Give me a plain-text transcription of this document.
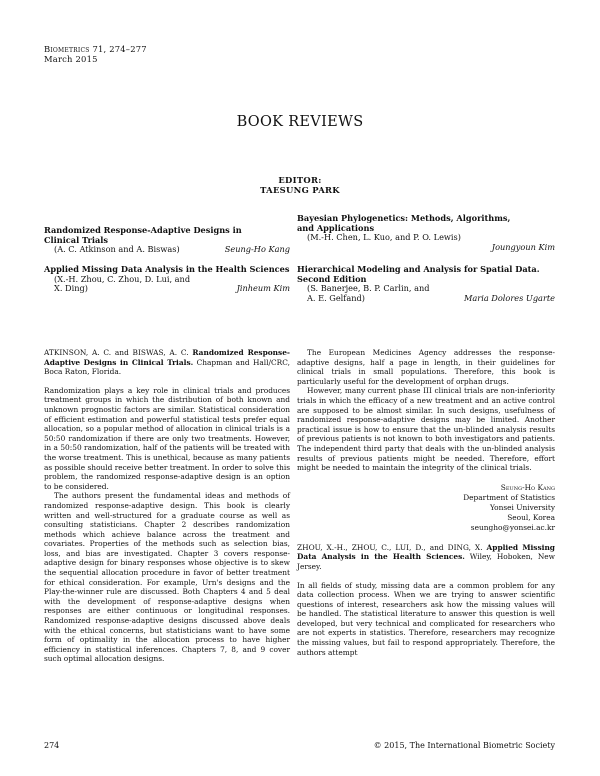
Biometrics 71, 274–277
March 2015
BOOK REVIEWS
EDITOR:
TAESUNG PARK
Randomized Response-Adaptive Designs in
Clinical Trials
(A. C. Atkinson and A. Biswas)	Seung-Ho Kang
Applied Missing Data Analysis in the Health Sciences
(X.-H. Zhou, C. Zhou, D. Lui, and
X. Ding)	Jinheum Kim
Bayesian Phylogenetics: Methods, Algorithms,
and Applications
(M.-H. Chen, L. Kuo, and P. O. Lewis)
Joungyoun Kim
Hierarchical Modeling and Analysis for Spatial Data.
Second Edition
(S. Banerjee, B. P. Carlin, and
A. E. Gelfand)	Maria Dolores Ugarte

ATKINSON, A. C. and BISWAS, A. C. Randomized Response-Adaptive Designs in Clinical Trials. Chapman and Hall/CRC, Boca Raton, Florida.

Randomization plays a key role in clinical trials and produces treatment groups in which the distribution of both known and unknown prognostic factors are similar. Statistical consideration of efficient estimation and powerful statistical tests prefer equal allocation, so a popular method of allocation in clinical trials is a 50:50 randomization if there are only two treatments. However, in a 50:50 randomization, half of the patients will be treated with the worse treatment. This is unethical, because as many patients as possible should receive better treatment. In order to solve this problem, the randomized response-adaptive design is an option to be considered.

The authors present the fundamental ideas and methods of randomized response-adaptive design. This book is clearly written and well-structured for a graduate course as well as consulting statisticians. Chapter 2 describes randomization methods which achieve balance across the treatment and covariates. Properties of the methods such as selection bias, loss, and bias are investigated. Chapter 3 covers response-adaptive design for binary responses whose objective is to skew the sequential allocation procedure in favor of better treatment for ethical consideration. For example, Urn's designs and the Play-the-winner rule are discussed. Both Chapters 4 and 5 deal with the development of response-adaptive designs when responses are either continuous or longitudinal responses. Randomized response-adaptive designs discussed above deals with the ethical concerns, but statisticians want to have some form of optimality in the allocation process to have higher efficiency in statistical inferences. Chapters 7, 8, and 9 cover such optimal allocation designs.

The European Medicines Agency addresses the response-adaptive designs, half a page in length, in their guidelines for clinical trials in small populations. Therefore, this book is particularly useful for the development of orphan drugs.

However, many current phase III clinical trials are non-inferiority trials in which the efficacy of a new treatment and an active control are supposed to be almost similar. In such designs, usefulness of randomized response-adaptive designs may be limited. Another practical issue is how to ensure that the un-blinded analysis results of previous patients is not known to both investigators and patients. The independent third party that deals with the un-blinded analysis results of previous patients might be needed. Therefore, effort might be needed to maintain the integrity of the clinical trials.

Seung-Ho Kang
Department of Statistics
Yonsei University
Seoul, Korea
seungho@yonsei.ac.kr

ZHOU, X.-H., ZHOU, C., LUI, D., and DING, X. Applied Missing Data Analysis in the Health Sciences. Wiley, Hoboken, New Jersey.

In all fields of study, missing data are a common problem for any data collection process. When we are trying to answer scientific questions of interest, researchers ask how the missing values will be handled. The statistical literature to answer this question is well developed, but very technical and complicated for researchers who are not experts in statistics. Therefore, researchers may recognize the missing values, but fail to respond appropriately. Therefore, the authors attempt

274	© 2015, The International Biometric Society
